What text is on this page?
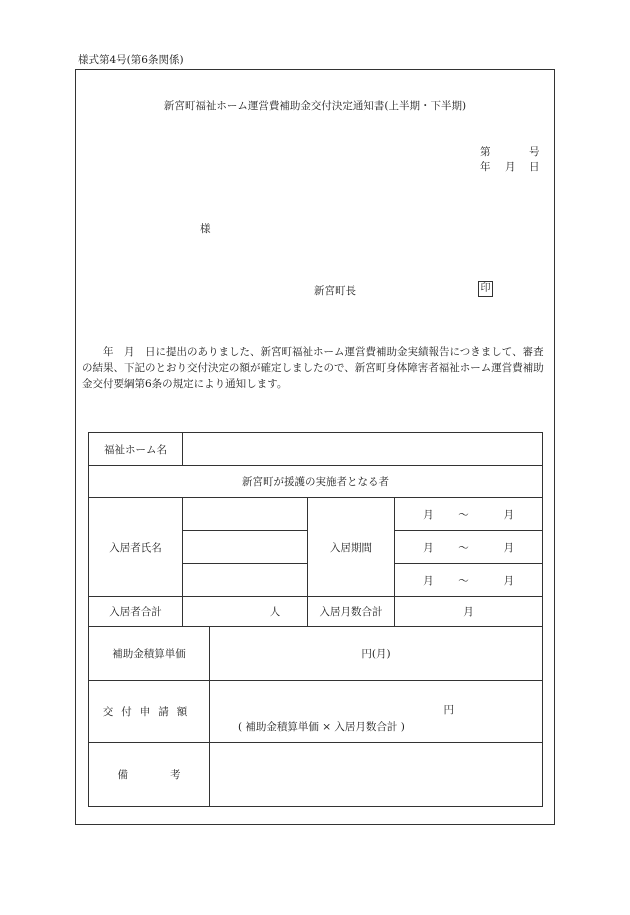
様式第4号(第6条関係)
新宮町福祉ホーム運営費補助金交付決定通知書(上半期・下半期)
第	号
年 月 日
様
新宮町長	印
年　月　日に提出のありました、新宮町福祉ホーム運営費補助金実績報告につきまして、審査の結果、下記のとおり交付決定の額が確定しましたので、新宮町身体障害者福祉ホーム運営費補助金交付要綱第6条の規定により通知します。
福祉ホーム名				
新宮町が援護の実施者となる者				
入居者氏名			入居期間	月 ～ 月
				月 ～ 月
				月 ～ 月
入居者合計	人		入居月数合計	月
補助金積算単価		円(月)		
交付申請額		円
( 補助金積算単価 × 入居月数合計 )		

備　　　　考				
